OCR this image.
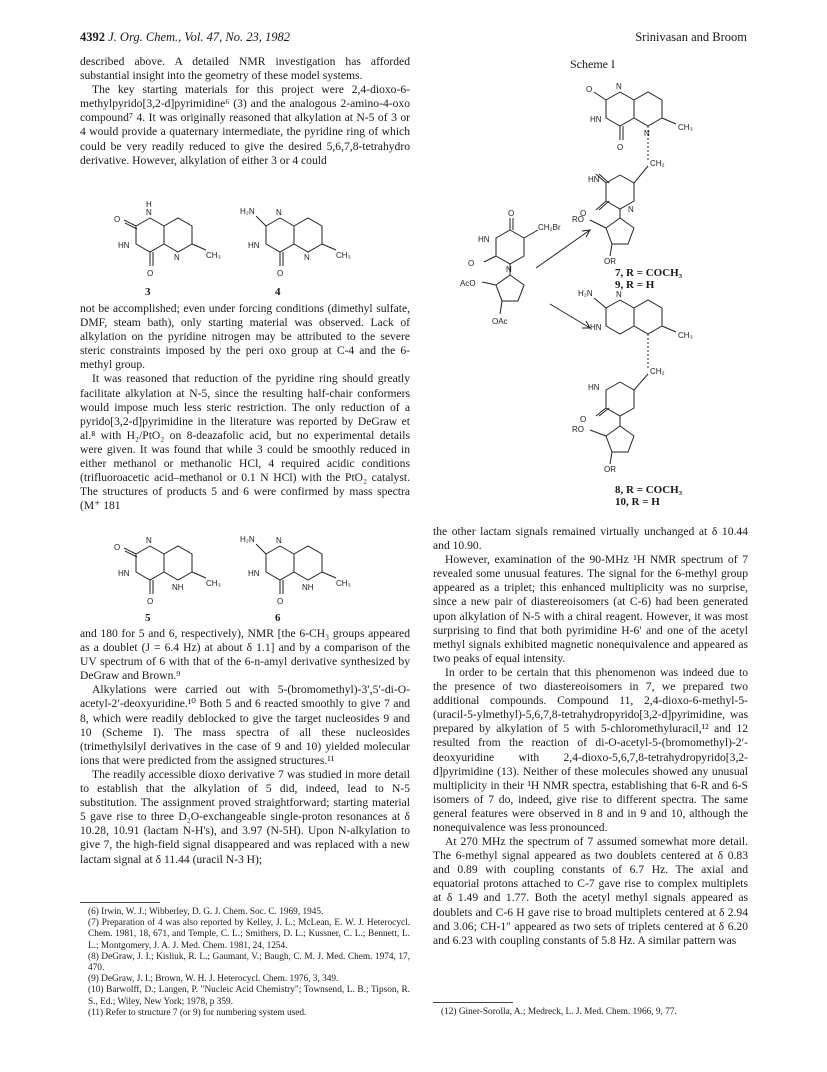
4392 J. Org. Chem., Vol. 47, No. 23, 1982	Srinivasan and Broom

described above. A detailed NMR investigation has afforded substantial insight into the geometry of these model systems.

The key starting materials for this project were 2,4-dioxo-6-methylpyrido[3,2-d]pyrimidine⁶ (3) and the analogous 2-amino-4-oxo compound⁷ 4. It was originally reasoned that alkylation at N-5 of 3 or 4 would provide a quaternary intermediate, the pyridine ring of which could be very readily reduced to give the desired 5,6,7,8-tetrahydro derivative. However, alkylation of either 3 or 4 could

O
N
H
HN
O
N	CH₃
H₂N	N
HN
O
N	CH₃
3	4

not be accomplished; even under forcing conditions (dimethyl sulfate, DMF, steam bath), only starting material was observed. Lack of alkylation on the pyridine nitrogen may be attributed to the severe steric constraints imposed by the peri oxo group at C-4 and the 6-methyl group.

It was reasoned that reduction of the pyridine ring should greatly facilitate alkylation at N-5, since the resulting half-chair conformers would impose much less steric restriction. The only reduction of a pyrido[3,2-d]pyrimidine in the literature was reported by DeGraw et al.⁸ with H₂/PtO₂ on 8-deazafolic acid, but no experimental details were given. It was found that while 3 could be smoothly reduced in either methanol or methanolic HCl, 4 required acidic conditions (trifluoroacetic acid–methanol or 0.1 N HCl) with the PtO₂ catalyst. The structures of products 5 and 6 were confirmed by mass spectra (M⁺ 181

O
N
HN
O
NH	CH₃
H₂N	N
HN
O
NH	CH₃
5	6

and 180 for 5 and 6, respectively), NMR [the 6-CH₃ groups appeared as a doublet (J = 6.4 Hz) at about δ 1.1] and by a comparison of the UV spectrum of 6 with that of the 6-n-amyl derivative synthesized by DeGraw and Brown.⁹

Alkylations were carried out with 5-(bromomethyl)-3′,5′-di-O-acetyl-2′-deoxyuridine.¹⁰ Both 5 and 6 reacted smoothly to give 7 and 8, which were readily deblocked to give the target nucleosides 9 and 10 (Scheme I). The mass spectra of all these nucleosides (trimethylsilyl derivatives in the case of 9 and 10) yielded molecular ions that were predicted from the assigned structures.¹¹

The readily accessible dioxo derivative 7 was studied in more detail to establish that the alkylation of 5 did, indeed, lead to N-5 substitution. The assignment proved straightforward; starting material 5 gave rise to three D₂O-exchangeable single-proton resonances at δ 10.28, 10.91 (lactam N-H's), and 3.97 (N-5H). Upon N-alkylation to give 7, the high-field signal disappeared and was replaced with a new lactam signal at δ 11.44 (uracil N-3 H);

(6) Irwin, W. J.; Wibberley, D. G. J. Chem. Soc. C. 1969, 1945.

(7) Preparation of 4 was also reported by Kelley, J. L.; McLean, E. W. J. Heterocycl. Chem. 1981, 18, 671, and Temple, C. L.; Smithers, D. L.; Kussner, C. L.; Bennett, L. L.; Montgomery, J. A. J. Med. Chem. 1981, 24, 1254.

(8) DeGraw, J. I.; Kisliuk, R. L.; Gaumant, V.; Baugh, C. M. J. Med. Chem. 1974, 17, 470.

(9) DeGraw, J. I.; Brown, W. H. J. Heterocycl. Chem. 1976, 3, 349.

(10) Barwolff, D.; Langen, P. "Nucleic Acid Chemistry"; Townsend, L. B.; Tipson, R. S., Ed.; Wiley, New York; 1978, p 359.

(11) Refer to structure 7 (or 9) for numbering system used.

Scheme I
O	N
HN
O
N
CH₃
CH₂
HN
O	N
RO
OR
O
HN
CH₂Br
O
N
AcO
OAc
H₂N	N
HN
CH₃
CH₂
HN
O
RO
OR
7, R = COCH₃
9, R = H
8, R = COCH₃
10, R = H

the other lactam signals remained virtually unchanged at δ 10.44 and 10.90.

However, examination of the 90-MHz ¹H NMR spectrum of 7 revealed some unusual features. The signal for the 6-methyl group appeared as a triplet; this enhanced multiplicity was no surprise, since a new pair of diastereoisomers (at C-6) had been generated upon alkylation of N-5 with a chiral reagent. However, it was most surprising to find that both pyrimidine H-6′ and one of the acetyl methyl signals exhibited magnetic nonequivalence and appeared as two peaks of equal intensity.

In order to be certain that this phenomenon was indeed due to the presence of two diastereoisomers in 7, we prepared two additional compounds. Compound 11, 2,4-dioxo-6-methyl-5-(uracil-5-ylmethyl)-5,6,7,8-tetrahydropyrido[3,2-d]pyrimidine, was prepared by alkylation of 5 with 5-chloromethyluracil,¹² and 12 resulted from the reaction of di-O-acetyl-5-(bromomethyl)-2′-deoxyuridine with 2,4-dioxo-5,6,7,8-tetrahydropyrido[3,2-d]pyrimidine (13). Neither of these molecules showed any unusual multiplicity in their ¹H NMR spectra, establishing that 6-R and 6-S isomers of 7 do, indeed, give rise to different spectra. The same general features were observed in 8 and in 9 and 10, although the nonequivalence was less pronounced.

At 270 MHz the spectrum of 7 assumed somewhat more detail. The 6-methyl signal appeared as two doublets centered at δ 0.83 and 0.89 with coupling constants of 6.7 Hz. The axial and equatorial protons attached to C-7 gave rise to complex multiplets at δ 1.49 and 1.77. Both the acetyl methyl signals appeared as doublets and C-6 H gave rise to broad multiplets centered at δ 2.94 and 3.06; CH-1″ appeared as two sets of triplets centered at δ 6.20 and 6.23 with coupling constants of 5.8 Hz. A similar pattern was

(12) Giner-Sorolla, A.; Medreck, L. J. Med. Chem. 1966, 9, 77.
